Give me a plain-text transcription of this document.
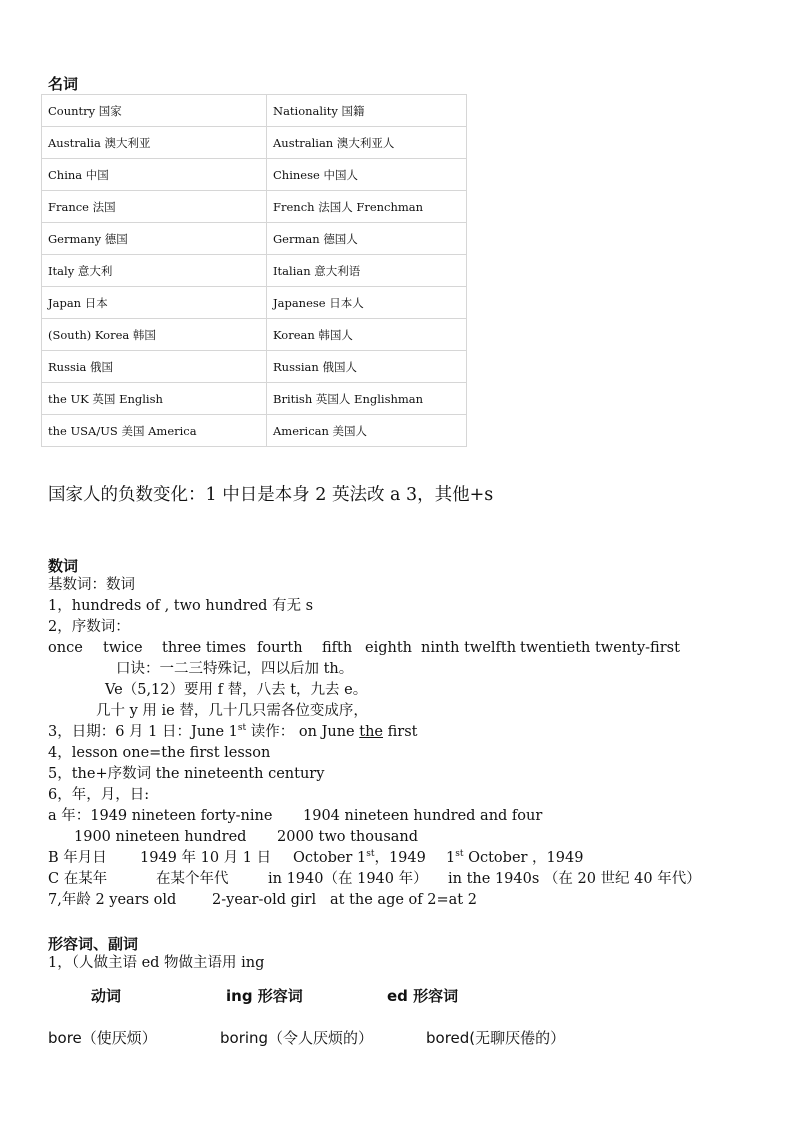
名词
Country 国家	Nationality 国籍
Australia 澳大利亚	Australian 澳大利亚人
China 中国	Chinese 中国人
France 法国	French 法国人 Frenchman
Germany 德国	German 德国人
Italy 意大利	Italian 意大利语
Japan 日本	Japanese 日本人
(South) Korea 韩国	Korean 韩国人
Russia 俄国	Russian 俄国人
the UK 英国 English	British 英国人 Englishman
the USA/US 美国 America	American 美国人
国家人的负数变化：1 中日是本身 2 英法改 a 3，其他+s
数词
基数词：数词
1，hundreds of , two hundred 有无 s
2，序数词：
once twice three times fourth fifth eighth ninth twelfth twentieth twenty-first
口诀：一二三特殊记，四以后加 th。
Ve（5,12）要用 f 替，八去 t，九去 e。
几十 y 用 ie 替，几十几只需各位变成序，
3，日期：6 月 1 日：June 1st 读作： on June the first
4，lesson one=the first lesson
5，the+序数词 the nineteenth century
6，年，月，日:
a 年：1949 nineteen forty-nine 1904 nineteen hundred and four
1900 nineteen hundred 2000 two thousand
B 年月日 1949 年 10 月 1 日 October 1st，1949 1st October ，1949
C 在某年	在某个年代	in 1940（在 1940 年） in the 1940s （在 20 世纪 40 年代）
7,年龄 2 years old 2-year-old girl at the age of 2=at 2
形容词、副词
1，（人做主语 ed 物做主语用 ing
动词	ing 形容词	ed 形容词
bore（使厌烦）	boring（令人厌烦的）	bored(无聊厌倦的）
